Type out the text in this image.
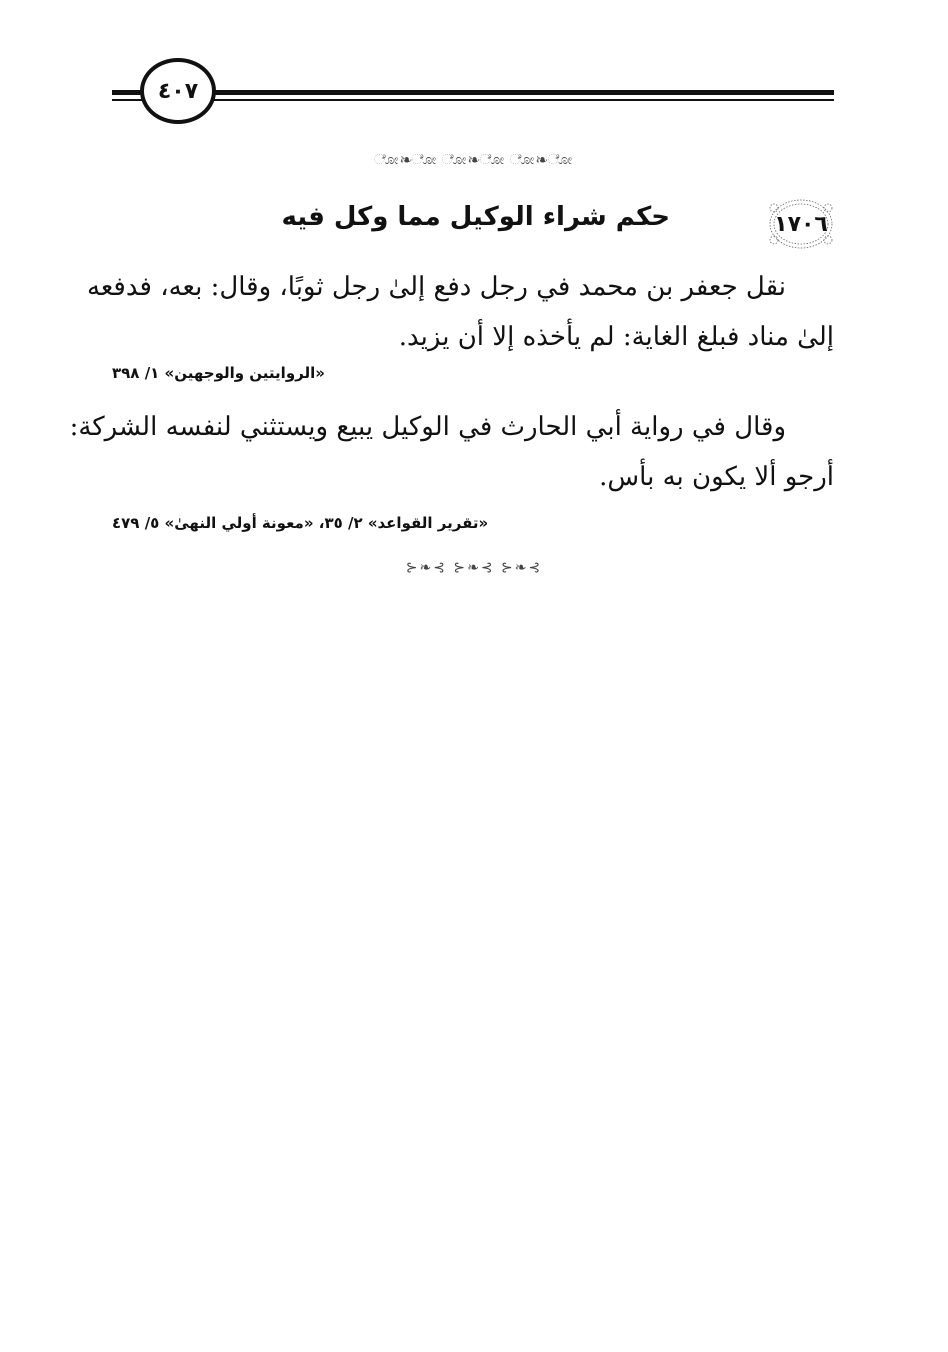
٤٠٧
ೋ❧ೋ ೋ❧ೋ ೋ❧ೋ
١٧٠٦
حكم شراء الوكيل مما وكل فيه
نقل جعفر بن محمد في رجل دفع إلىٰ رجل ثوبًا، وقال: بعه، فدفعه
إلىٰ مناد فبلغ الغاية: لم يأخذه إلا أن يزيد.
«الروايتين والوجهين» ١/ ٣٩٨
وقال في رواية أبي الحارث في الوكيل يبيع ويستثني لنفسه الشركة:
أرجو ألا يكون به بأس.
«تقرير القواعد» ٢/ ٣٥، «معونة أولي النهىٰ» ٥/ ٤٧٩
⊱❧⊰ ⊱❧⊰ ⊱❧⊰
